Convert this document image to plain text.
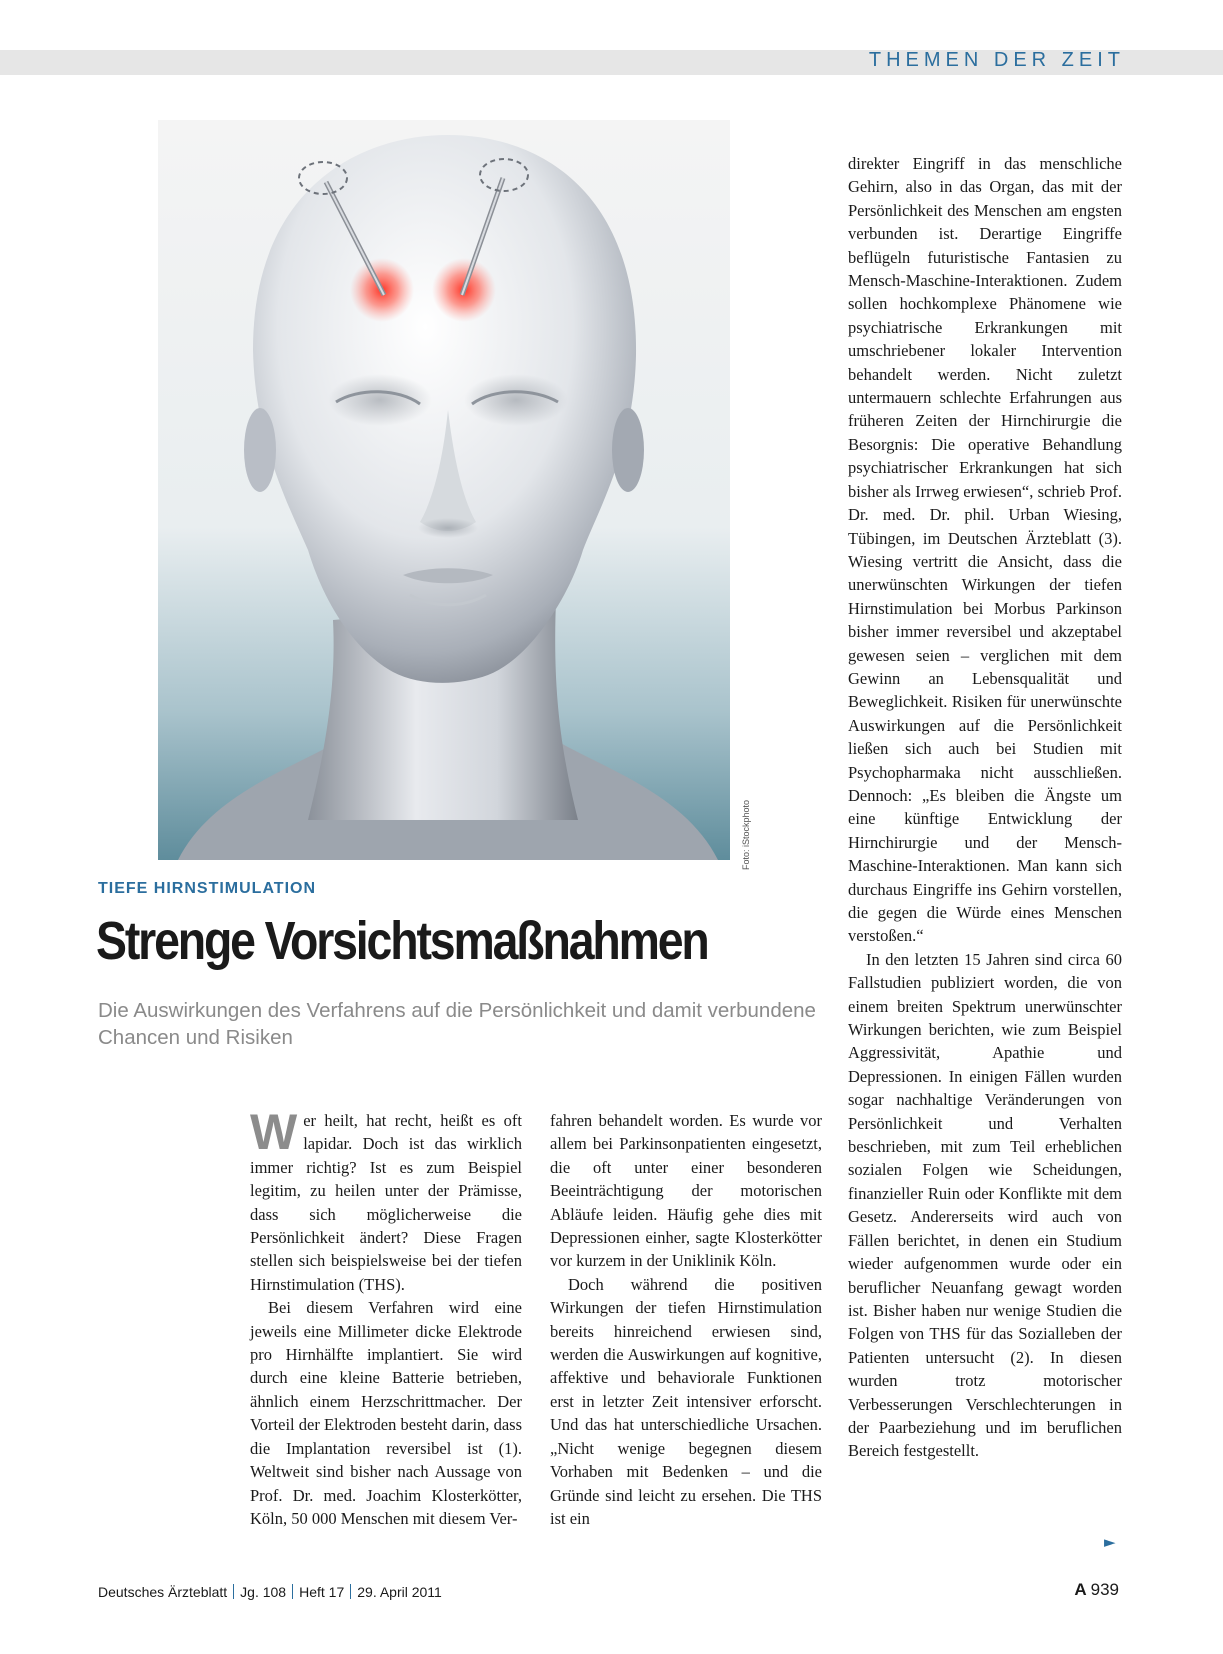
THEMEN DER ZEIT
Foto: iStockphoto
TIEFE HIRNSTIMULATION
Strenge Vorsichtsmaßnahmen
Die Auswirkungen des Verfahrens auf die Persönlichkeit und damit verbundene Chancen und Risiken
W er heilt, hat recht, heißt es oft lapidar. Doch ist das wirklich immer richtig? Ist es zum Beispiel legitim, zu heilen unter der Prämisse, dass sich möglicherweise die Persönlichkeit ändert? Diese Fragen stellen sich beispielsweise bei der tiefen Hirnstimulation (THS).

Bei diesem Verfahren wird eine jeweils eine Millimeter dicke Elektrode pro Hirnhälfte implantiert. Sie wird durch eine kleine Batterie betrieben, ähnlich einem Herzschrittmacher. Der Vorteil der Elektroden besteht darin, dass die Implantation reversibel ist (1). Weltweit sind bisher nach Aussage von Prof. Dr. med. Joachim Klosterkötter, Köln, 50 000 Menschen mit diesem Ver-

fahren behandelt worden. Es wurde vor allem bei Parkinsonpatienten eingesetzt, die oft unter einer besonderen Beeinträchtigung der motorischen Abläufe leiden. Häufig gehe dies mit Depressionen einher, sagte Klosterkötter vor kurzem in der Uniklinik Köln.

Doch während die positiven Wirkungen der tiefen Hirnstimulation bereits hinreichend erwiesen sind, werden die Auswirkungen auf kognitive, affektive und behaviorale Funktionen erst in letzter Zeit intensiver erforscht. Und das hat unterschiedliche Ursachen. „Nicht wenige begegnen diesem Vorhaben mit Bedenken – und die Gründe sind leicht zu ersehen. Die THS ist ein

direkter Eingriff in das menschliche Gehirn, also in das Organ, das mit der Persönlichkeit des Menschen am engsten verbunden ist. Derartige Eingriffe beflügeln futuristische Fantasien zu Mensch-Maschine-Interaktionen. Zudem sollen hochkomplexe Phänomene wie psychiatrische Erkrankungen mit umschriebener lokaler Intervention behandelt werden. Nicht zuletzt untermauern schlechte Erfahrungen aus früheren Zeiten der Hirnchirurgie die Besorgnis: Die operative Behandlung psychiatrischer Erkrankungen hat sich bisher als Irrweg erwiesen“, schrieb Prof. Dr. med. Dr. phil. Urban Wiesing, Tübingen, im Deutschen Ärzteblatt (3). Wiesing vertritt die Ansicht, dass die unerwünschten Wirkungen der tiefen Hirnstimulation bei Morbus Parkinson bisher immer reversibel und akzeptabel gewesen seien – verglichen mit dem Gewinn an Lebensqualität und Beweglichkeit. Risiken für unerwünschte Auswirkungen auf die Persönlichkeit ließen sich auch bei Studien mit Psychopharmaka nicht ausschließen. Dennoch: „Es bleiben die Ängste um eine künftige Entwicklung der Hirnchirurgie und der Mensch-Maschine-Interaktionen. Man kann sich durchaus Eingriffe ins Gehirn vorstellen, die gegen die Würde eines Menschen verstoßen.“

In den letzten 15 Jahren sind circa 60 Fallstudien publiziert worden, die von einem breiten Spektrum unerwünschter Wirkungen berichten, wie zum Beispiel Aggressivität, Apathie und Depressionen. In einigen Fällen wurden sogar nachhaltige Veränderungen von Persönlichkeit und Verhalten beschrieben, mit zum Teil erheblichen sozialen Folgen wie Scheidungen, finanzieller Ruin oder Konflikte mit dem Gesetz. Andererseits wird auch von Fällen berichtet, in denen ein Studium wieder aufgenommen wurde oder ein beruflicher Neuanfang gewagt worden ist. Bisher haben nur wenige Studien die Folgen von THS für das Sozialleben der Patienten untersucht (2). In diesen wurden trotz motorischer Verbesserungen Verschlechterungen in der Paarbeziehung und im beruflichen Bereich festgestellt.

►
Deutsches Ärzteblatt Jg. 108 Heft 17 29. April 2011	A 939
